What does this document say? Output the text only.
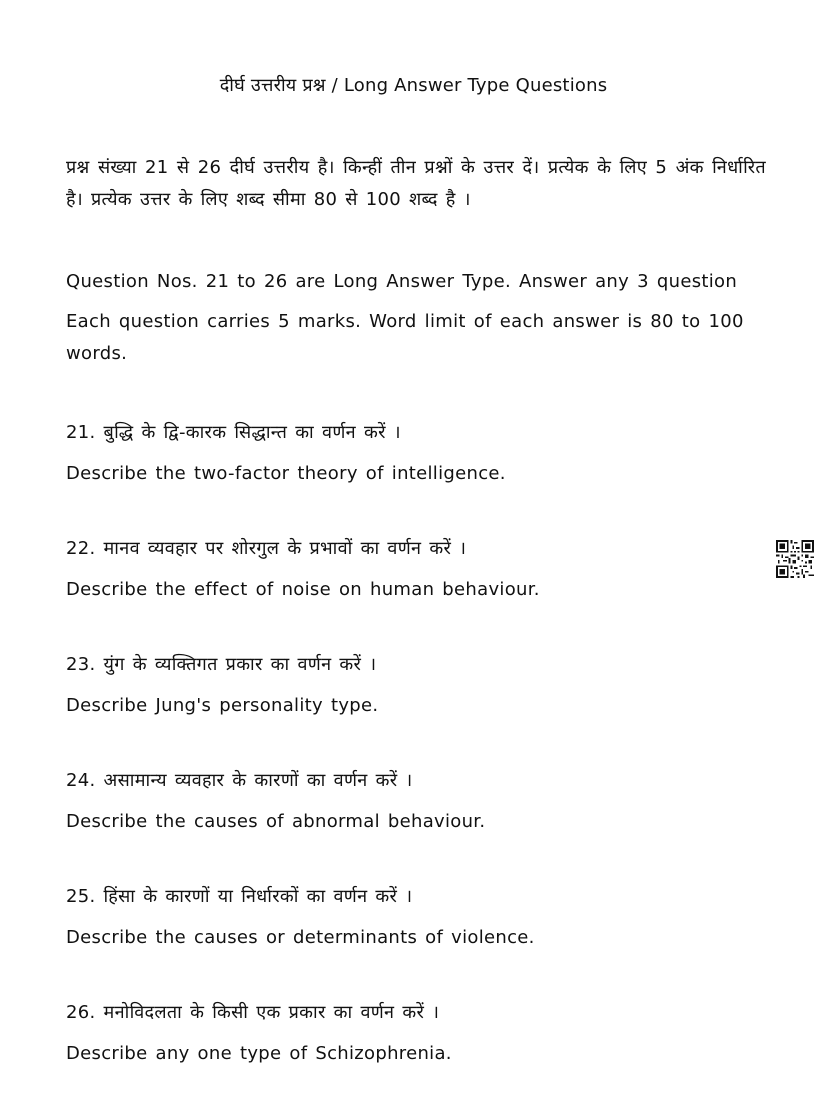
दीर्घ उत्तरीय प्रश्न / Long Answer Type Questions
प्रश्न संख्या 21 से 26 दीर्घ उत्तरीय है। किन्हीं तीन प्रश्नों के उत्तर दें। प्रत्येक के लिए 5 अंक निर्धारित है। प्रत्येक उत्तर के लिए शब्द सीमा 80 से 100 शब्द है ।
Question Nos. 21 to 26 are Long Answer Type. Answer any 3 question
Each question carries 5 marks. Word limit of each answer is 80 to 100 words.
21. बुद्धि के द्वि-कारक सिद्धान्त का वर्णन करें ।
Describe the two-factor theory of intelligence.
22. मानव व्यवहार पर शोरगुल के प्रभावों का वर्णन करें ।
Describe the effect of noise on human behaviour.
23. युंग के व्यक्तिगत प्रकार का वर्णन करें ।
Describe Jung's personality type.
24. असामान्य व्यवहार के कारणों का वर्णन करें ।
Describe the causes of abnormal behaviour.
25. हिंसा के कारणों या निर्धारकों का वर्णन करें ।
Describe the causes or determinants of violence.
26. मनोविदलता के किसी एक प्रकार का वर्णन करें ।
Describe any one type of Schizophrenia.
